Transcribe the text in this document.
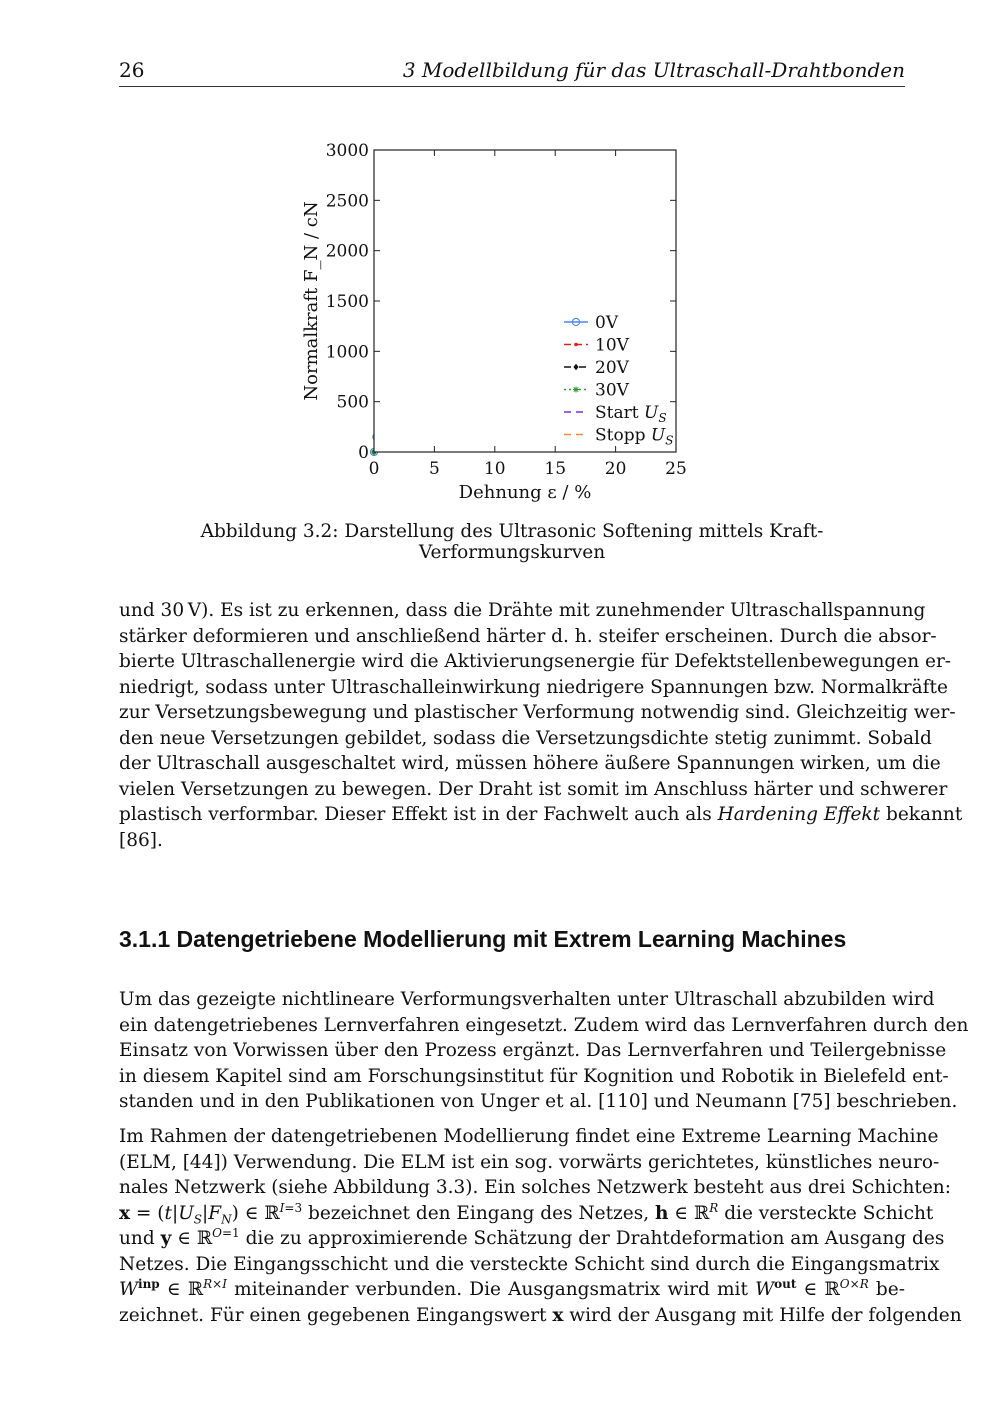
26	3 Modellbildung für das Ultraschall-Drahtbonden
0	5	10 15 20 25
0
500
1000
1500
2000
2500
3000
Dehnung ε / %
Normalkraft F_N / cN	0V
10V
20V
30V
Start $U_S$
Stopp $U_S$
Abbildung 3.2: Darstellung des Ultrasonic Softening mittels Kraft-Verformungskurven
und 30 V). Es ist zu erkennen, dass die Drähte mit zunehmender Ultraschallspannung
stärker deformieren und anschließend härter d. h. steifer erscheinen. Durch die absor-
bierte Ultraschallenergie wird die Aktivierungsenergie für Defektstellenbewegungen er-
niedrigt, sodass unter Ultraschalleinwirkung niedrigere Spannungen bzw. Normalkräfte
zur Versetzungsbewegung und plastischer Verformung notwendig sind. Gleichzeitig wer-
den neue Versetzungen gebildet, sodass die Versetzungsdichte stetig zunimmt. Sobald
der Ultraschall ausgeschaltet wird, müssen höhere äußere Spannungen wirken, um die
vielen Versetzungen zu bewegen. Der Draht ist somit im Anschluss härter und schwerer
plastisch verformbar. Dieser Effekt ist in der Fachwelt auch als Hardening Effekt bekannt
[86].
3.1.1 Datengetriebene Modellierung mit Extrem Learning Machines
Um das gezeigte nichtlineare Verformungsverhalten unter Ultraschall abzubilden wird
ein datengetriebenes Lernverfahren eingesetzt. Zudem wird das Lernverfahren durch den
Einsatz von Vorwissen über den Prozess ergänzt. Das Lernverfahren und Teilergebnisse
in diesem Kapitel sind am Forschungsinstitut für Kognition und Robotik in Bielefeld ent-
standen und in den Publikationen von Unger et al. [110] und Neumann [75] beschrieben.
Im Rahmen der datengetriebenen Modellierung findet eine Extreme Learning Machine
(ELM, [44]) Verwendung. Die ELM ist ein sog. vorwärts gerichtetes, künstliches neuro-
nales Netzwerk (siehe Abbildung 3.3). Ein solches Netzwerk besteht aus drei Schichten:
$x = (t|U_S|F_N)$ ∈ ℝ$^{I=3}$ bezeichnet den Eingang des Netzes, h ∈ ℝ$^R$ die versteckte Schicht
und y ∈ ℝ$^{O=1}$ die zu approximierende Schätzung der Drahtdeformation am Ausgang des
Netzes. Die Eingangsschicht und die versteckte Schicht sind durch die Eingangsmatrix
$W^{inp}$ ∈ ℝ$^{R\times I}$ miteinander verbunden. Die Ausgangsmatrix wird mit $W^{out}$ ∈ ℝ$^{O\times R}$ be-
zeichnet. Für einen gegebenen Eingangswert x wird der Ausgang mit Hilfe der folgenden
